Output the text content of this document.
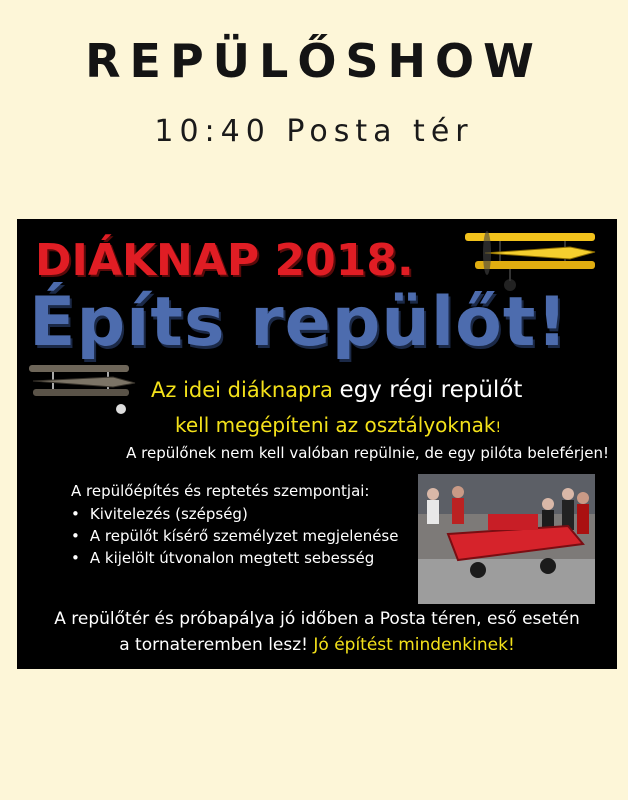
REPÜLŐSHOW
10:40 Posta tér
DIÁKNAP 2018.
Építs repülőt!
Az idei diáknapra egy régi repülőt
kell megépíteni az osztályoknak!
A repülőnek nem kell valóban repülnie, de egy pilóta beleférjen!
A repülőépítés és reptetés szempontjai:
• Kivitelezés (szépség)
• A repülőt kísérő személyzet megjelenése
• A kijelölt útvonalon megtett sebesség
A repülőtér és próbapálya jó időben a Posta téren, eső esetén
a tornateremben lesz! Jó építést mindenkinek!
